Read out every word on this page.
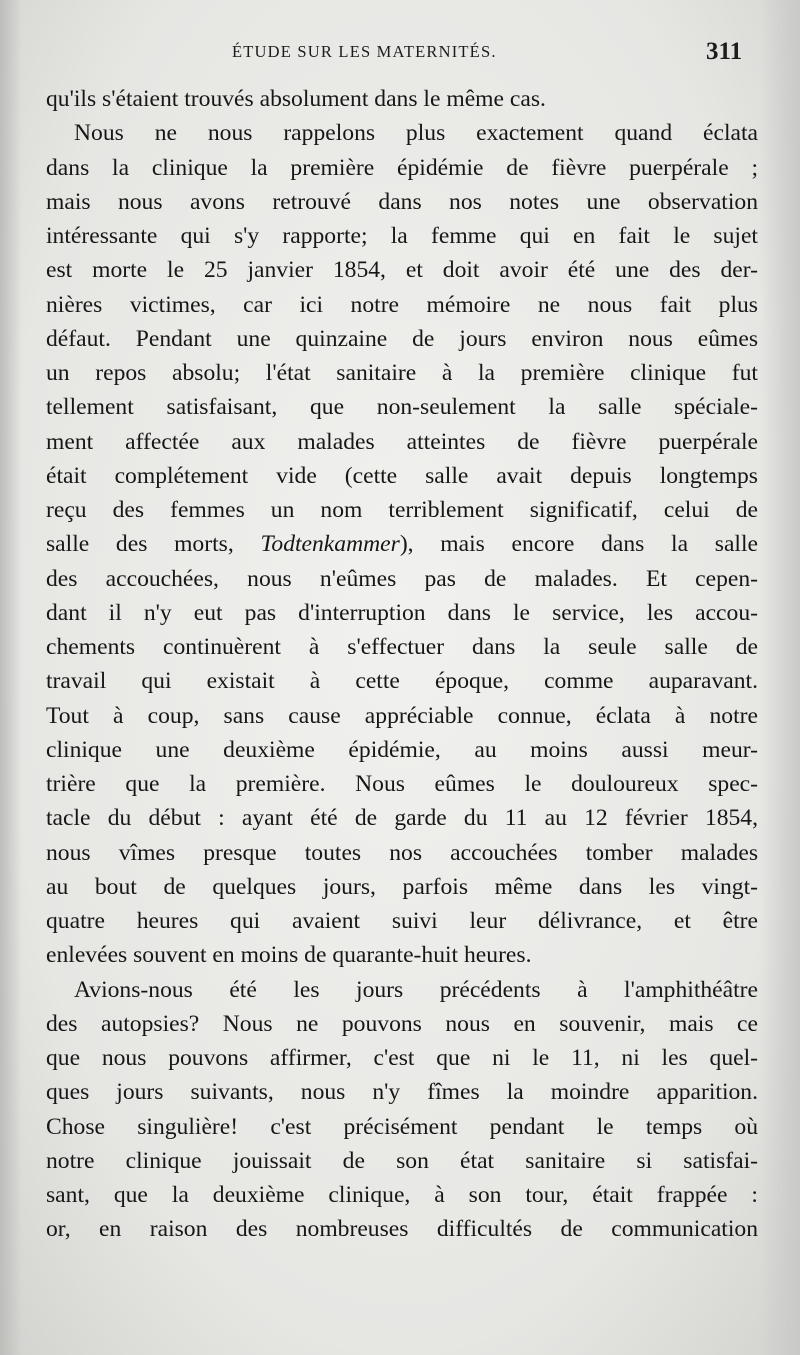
ÉTUDE SUR LES MATERNITÉS.	311
qu'ils s'étaient trouvés absolument dans le même cas.
Nous ne nous rappelons plus exactement quand éclata
dans la clinique la première épidémie de fièvre puerpérale ;
mais nous avons retrouvé dans nos notes une observation
intéressante qui s'y rapporte; la femme qui en fait le sujet
est morte le 25 janvier 1854, et doit avoir été une des der-
nières victimes, car ici notre mémoire ne nous fait plus
défaut. Pendant une quinzaine de jours environ nous eûmes
un repos absolu; l'état sanitaire à la première clinique fut
tellement satisfaisant, que non-seulement la salle spéciale-
ment affectée aux malades atteintes de fièvre puerpérale
était complétement vide (cette salle avait depuis longtemps
reçu des femmes un nom terriblement significatif, celui de
salle des morts, Todtenkammer), mais encore dans la salle
des accouchées, nous n'eûmes pas de malades. Et cepen-
dant il n'y eut pas d'interruption dans le service, les accou-
chements continuèrent à s'effectuer dans la seule salle de
travail qui existait à cette époque, comme auparavant.
Tout à coup, sans cause appréciable connue, éclata à notre
clinique une deuxième épidémie, au moins aussi meur-
trière que la première. Nous eûmes le douloureux spec-
tacle du début : ayant été de garde du 11 au 12 février 1854,
nous vîmes presque toutes nos accouchées tomber malades
au bout de quelques jours, parfois même dans les vingt-
quatre heures qui avaient suivi leur délivrance, et être
enlevées souvent en moins de quarante-huit heures.
Avions-nous été les jours précédents à l'amphithéâtre
des autopsies? Nous ne pouvons nous en souvenir, mais ce
que nous pouvons affirmer, c'est que ni le 11, ni les quel-
ques jours suivants, nous n'y fîmes la moindre apparition.
Chose singulière! c'est précisément pendant le temps où
notre clinique jouissait de son état sanitaire si satisfai-
sant, que la deuxième clinique, à son tour, était frappée :
or, en raison des nombreuses difficultés de communication
